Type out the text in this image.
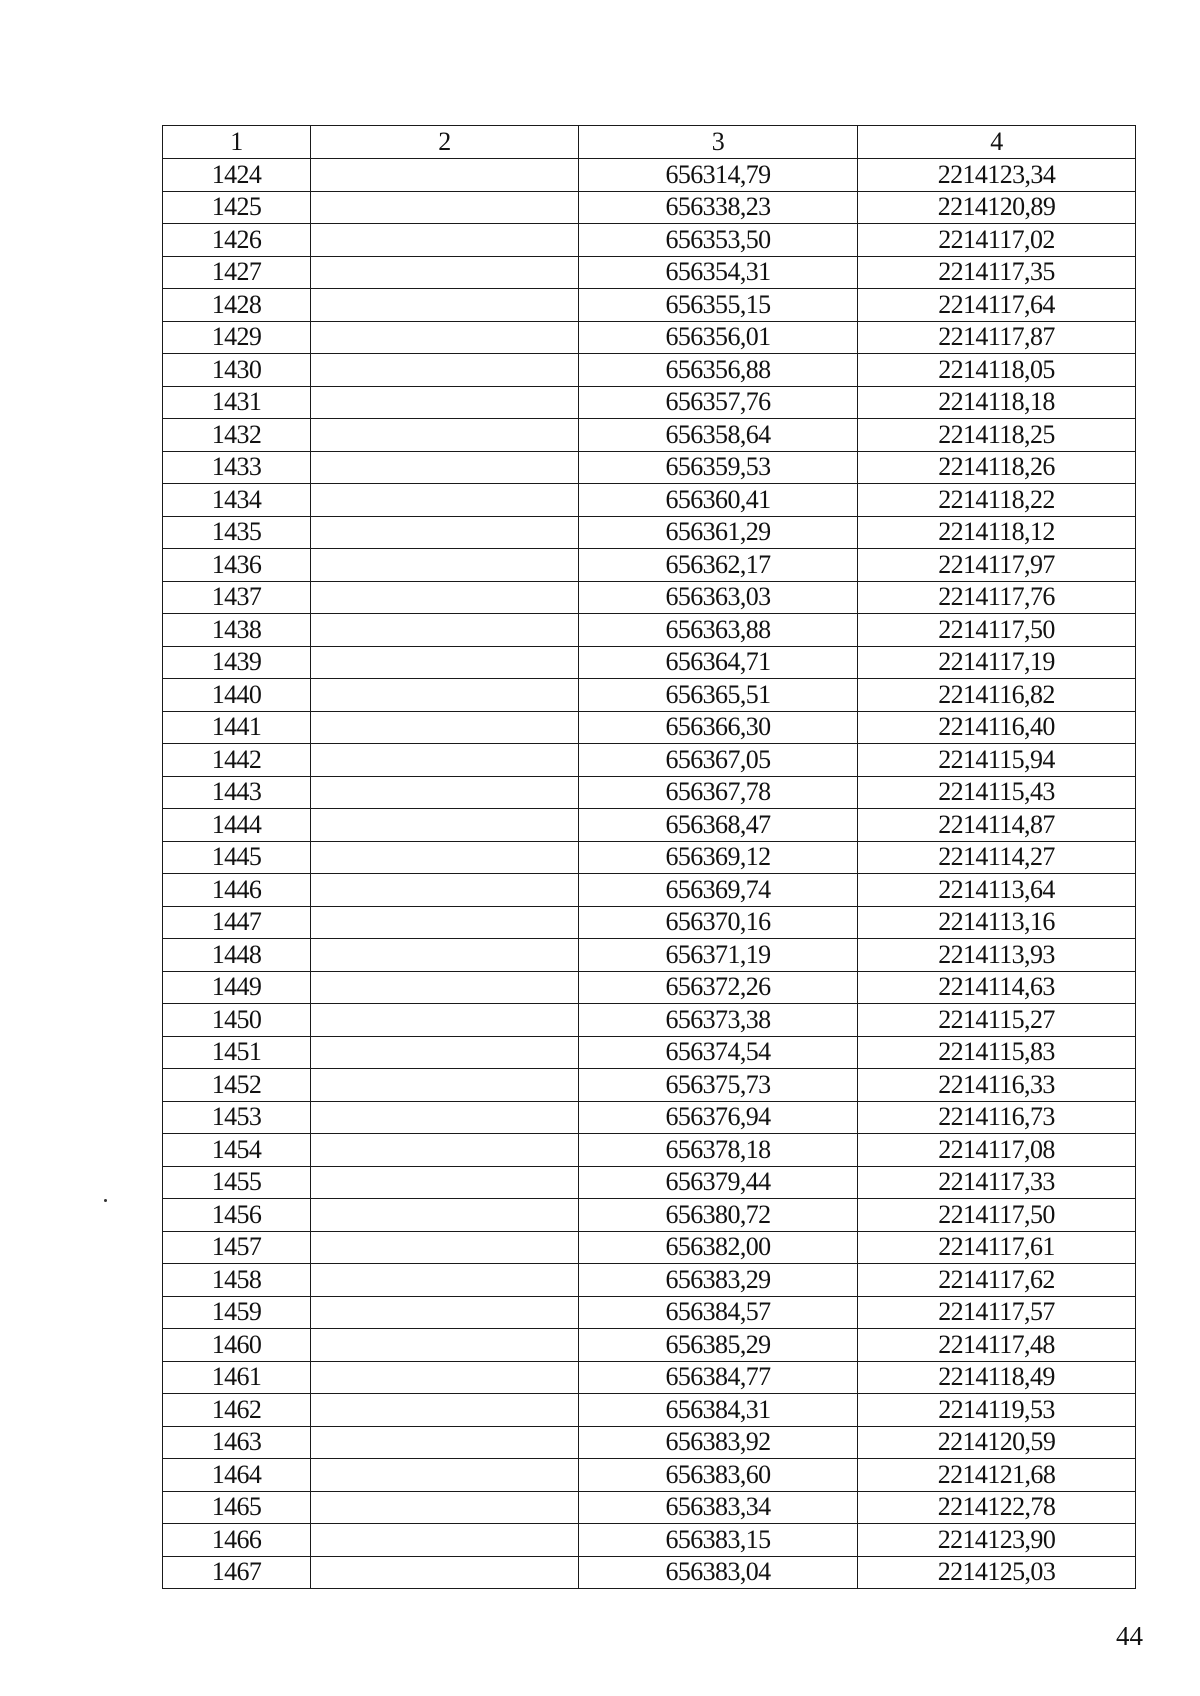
1	2	3	4
1424		656314,79	2214123,34
1425		656338,23	2214120,89
1426		656353,50	2214117,02
1427		656354,31	2214117,35
1428		656355,15	2214117,64
1429		656356,01	2214117,87
1430		656356,88	2214118,05
1431		656357,76	2214118,18
1432		656358,64	2214118,25
1433		656359,53	2214118,26
1434		656360,41	2214118,22
1435		656361,29	2214118,12
1436		656362,17	2214117,97
1437		656363,03	2214117,76
1438		656363,88	2214117,50
1439		656364,71	2214117,19
1440		656365,51	2214116,82
1441		656366,30	2214116,40
1442		656367,05	2214115,94
1443		656367,78	2214115,43
1444		656368,47	2214114,87
1445		656369,12	2214114,27
1446		656369,74	2214113,64
1447		656370,16	2214113,16
1448		656371,19	2214113,93
1449		656372,26	2214114,63
1450		656373,38	2214115,27
1451		656374,54	2214115,83
1452		656375,73	2214116,33
1453		656376,94	2214116,73
1454		656378,18	2214117,08
1455		656379,44	2214117,33
1456		656380,72	2214117,50
1457		656382,00	2214117,61
1458		656383,29	2214117,62
1459		656384,57	2214117,57
1460		656385,29	2214117,48
1461		656384,77	2214118,49
1462		656384,31	2214119,53
1463		656383,92	2214120,59
1464		656383,60	2214121,68
1465		656383,34	2214122,78
1466		656383,15	2214123,90
1467		656383,04	2214125,03
44
